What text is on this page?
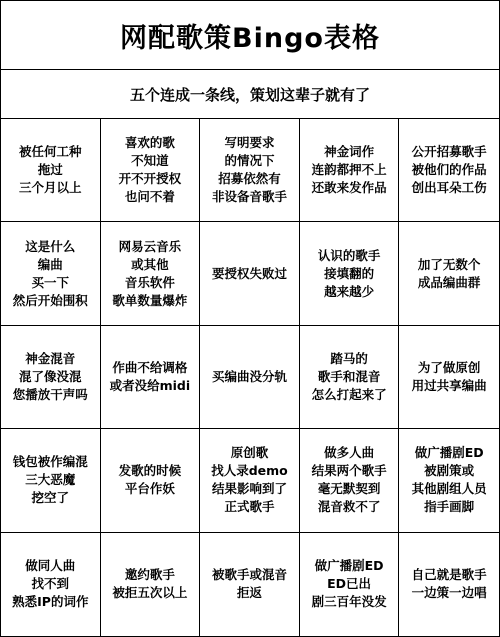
网配歌策Bingo表格
五个连成一条线，策划这辈子就有了
被任何工种
拖过
三个月以上
喜欢的歌
不知道
开不开授权
也问不着
写明要求
的情况下
招募依然有
非设备音歌手
神金词作
连韵都押不上
还敢来发作品
公开招募歌手
被他们的作品
创出耳朵工伤
这是什么
编曲
买一下
然后开始围积
网易云音乐
或其他
音乐软件
歌单数量爆炸
要授权失败过
认识的歌手
接填翻的
越来越少
加了无数个
成品编曲群
神金混音
混了像没混
您播放干声吗
作曲不给调格
或者没给midi
买编曲没分轨
踏马的
歌手和混音
怎么打起来了
为了做原创
用过共享编曲
钱包被作编混
三大恶魔
挖空了
发歌的时候
平台作妖
原创歌
找人录demo
结果影响到了
正式歌手
做多人曲
结果两个歌手
毫无默契到
混音救不了
做广播剧ED
被剧策或
其他剧组人员
指手画脚
做同人曲
找不到
熟悉IP的词作
邀约歌手
被拒五次以上
被歌手或混音
拒返
做广播剧ED
ED已出
剧三百年没发
自己就是歌手
一边策一边唱
